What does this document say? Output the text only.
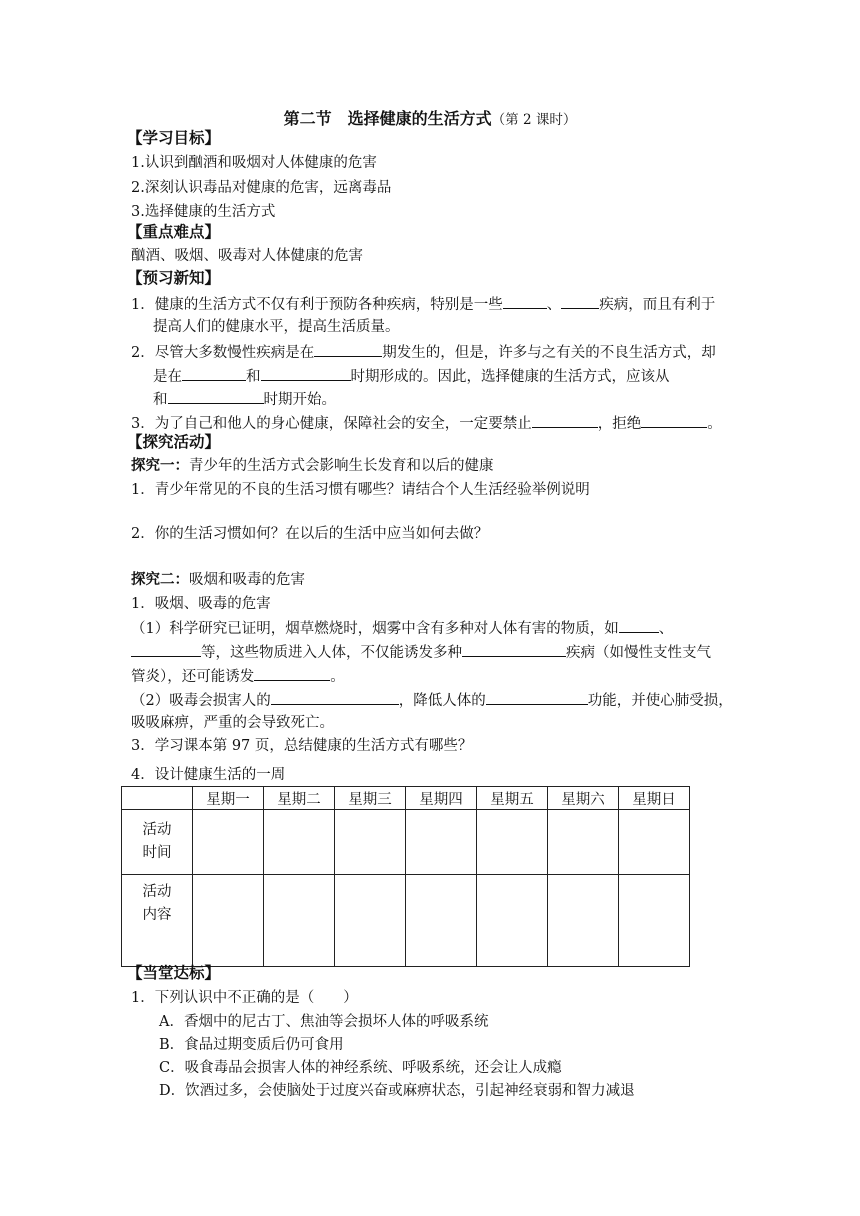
第二节　选择健康的生活方式（第 2 课时）
【学习目标】
1.认识到酗酒和吸烟对人体健康的危害
2.深刻认识毒品对健康的危害，远离毒品
3.选择健康的生活方式
【重点难点】
酗酒、吸烟、吸毒对人体健康的危害
【预习新知】
1．健康的生活方式不仅有利于预防各种疾病，特别是一些	、	疾病，而且有利于
提高人们的健康水平，提高生活质量。
2．尽管大多数慢性疾病是在	期发生的，但是，许多与之有关的不良生活方式，却
是在	和	时期形成的。因此，选择健康的生活方式，应该从
和	时期开始。
3．为了自己和他人的身心健康，保障社会的安全，一定要禁止	，拒绝	。
【探究活动】
探究一：青少年的生活方式会影响生长发育和以后的健康
1．青少年常见的不良的生活习惯有哪些？请结合个人生活经验举例说明
2．你的生活习惯如何？在以后的生活中应当如何去做？
探究二：吸烟和吸毒的危害
1．吸烟、吸毒的危害
（1）科学研究已证明，烟草燃烧时，烟雾中含有多种对人体有害的物质，如	、
等，这些物质进入人体，不仅能诱发多种	疾病（如慢性支性支气
管炎），还可能诱发	。
（2）吸毒会损害人的	，降低人体的	功能，并使心肺受损，
吸吸麻痹，严重的会导致死亡。
3．学习课本第 97 页，总结健康的生活方式有哪些？
4．设计健康生活的一周
	星期一	星期二	星期三	星期四	星期五	星期六	星期日

活动
时间							

活动
内容							

【当堂达标】
1．下列认识中不正确的是（　　）
A．香烟中的尼古丁、焦油等会损坏人体的呼吸系统
B．食品过期变质后仍可食用
C．吸食毒品会损害人体的神经系统、呼吸系统，还会让人成瘾
D．饮酒过多，会使脑处于过度兴奋或麻痹状态，引起神经衰弱和智力减退
